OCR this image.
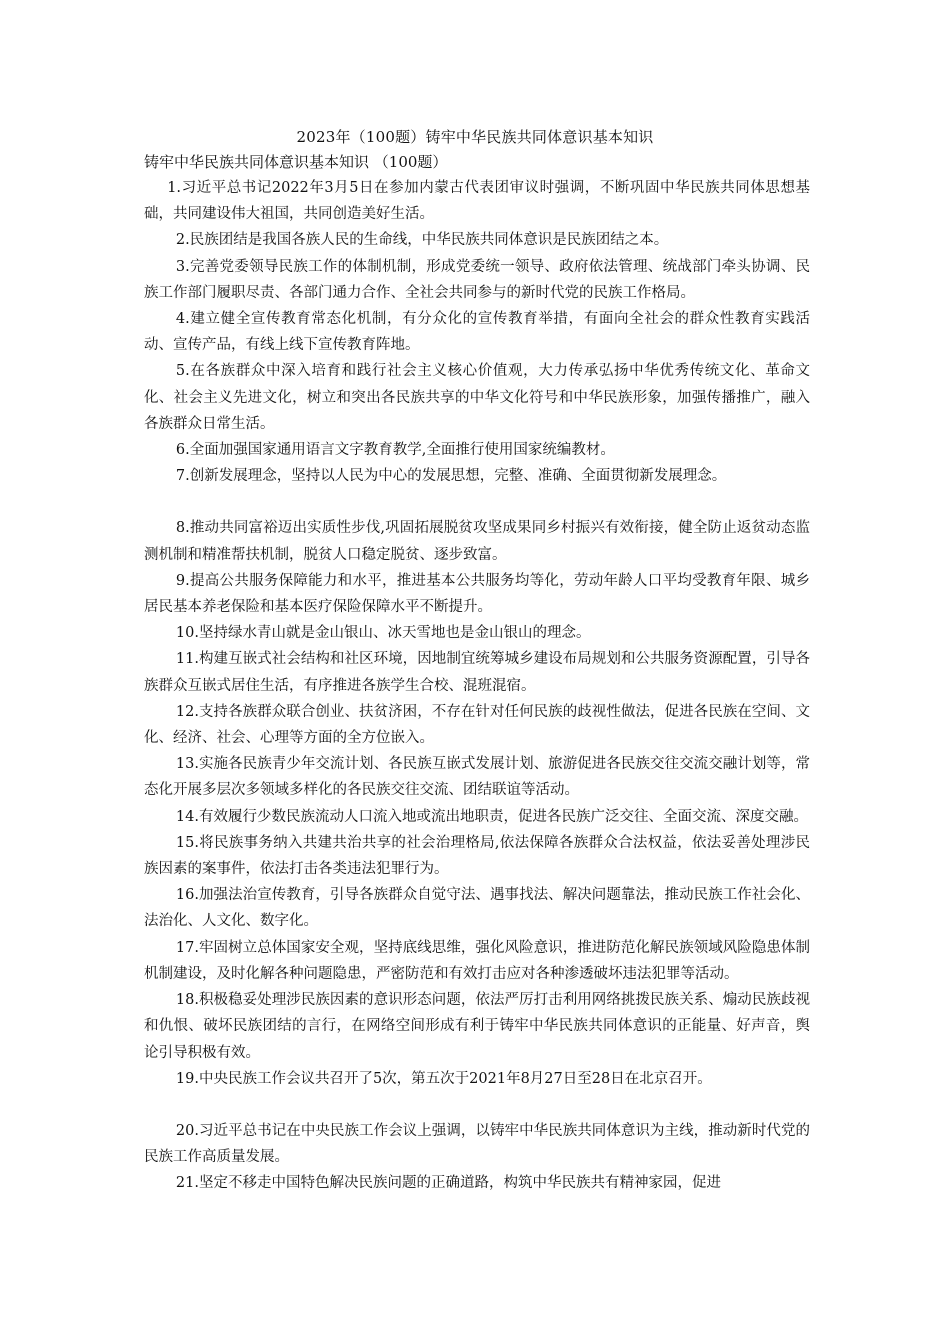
2023年（100题）铸牢中华民族共同体意识基本知识
铸牢中华民族共同体意识基本知识 （100题）

1.习近平总书记2022年3月5日在参加内蒙古代表团审议时强调，不断巩固中华民族共同体思想基础，共同建设伟大祖国，共同创造美好生活。

2.民族团结是我国各族人民的生命线，中华民族共同体意识是民族团结之本。

3.完善党委领导民族工作的体制机制，形成党委统一领导、政府依法管理、统战部门牵头协调、民族工作部门履职尽责、各部门通力合作、全社会共同参与的新时代党的民族工作格局。

4.建立健全宣传教育常态化机制，有分众化的宣传教育举措，有面向全社会的群众性教育实践活动、宣传产品，有线上线下宣传教育阵地。

5.在各族群众中深入培育和践行社会主义核心价值观，大力传承弘扬中华优秀传统文化、革命文化、社会主义先进文化，树立和突出各民族共享的中华文化符号和中华民族形象，加强传播推广，融入各族群众日常生活。

6.全面加强国家通用语言文字教育教学,全面推行使用国家统编教材。

7.创新发展理念，坚持以人民为中心的发展思想，完整、准确、全面贯彻新发展理念。

8.推动共同富裕迈出实质性步伐,巩固拓展脱贫攻坚成果同乡村振兴有效衔接，健全防止返贫动态监测机制和精准帮扶机制，脱贫人口稳定脱贫、逐步致富。

9.提高公共服务保障能力和水平，推进基本公共服务均等化，劳动年龄人口平均受教育年限、城乡居民基本养老保险和基本医疗保险保障水平不断提升。

10.坚持绿水青山就是金山银山、冰天雪地也是金山银山的理念。

11.构建互嵌式社会结构和社区环境，因地制宜统筹城乡建设布局规划和公共服务资源配置，引导各族群众互嵌式居住生活，有序推进各族学生合校、混班混宿。

12.支持各族群众联合创业、扶贫济困，不存在针对任何民族的歧视性做法，促进各民族在空间、文化、经济、社会、心理等方面的全方位嵌入。

13.实施各民族青少年交流计划、各民族互嵌式发展计划、旅游促进各民族交往交流交融计划等，常态化开展多层次多领域多样化的各民族交往交流、团结联谊等活动。

14.有效履行少数民族流动人口流入地或流出地职责，促进各民族广泛交往、全面交流、深度交融。

15.将民族事务纳入共建共治共享的社会治理格局,依法保障各族群众合法权益，依法妥善处理涉民族因素的案事件，依法打击各类违法犯罪行为。

16.加强法治宣传教育，引导各族群众自觉守法、遇事找法、解决问题靠法，推动民族工作社会化、法治化、人文化、数字化。

17.牢固树立总体国家安全观，坚持底线思维，强化风险意识，推进防范化解民族领域风险隐患体制机制建设，及时化解各种问题隐患，严密防范和有效打击应对各种渗透破坏违法犯罪等活动。

18.积极稳妥处理涉民族因素的意识形态问题，依法严厉打击利用网络挑拨民族关系、煽动民族歧视和仇恨、破坏民族团结的言行，在网络空间形成有利于铸牢中华民族共同体意识的正能量、好声音，舆论引导积极有效。

19.中央民族工作会议共召开了5次，第五次于2021年8月27日至28日在北京召开。

20.习近平总书记在中央民族工作会议上强调，以铸牢中华民族共同体意识为主线，推动新时代党的民族工作高质量发展。

21.坚定不移走中国特色解决民族问题的正确道路，构筑中华民族共有精神家园，促进
